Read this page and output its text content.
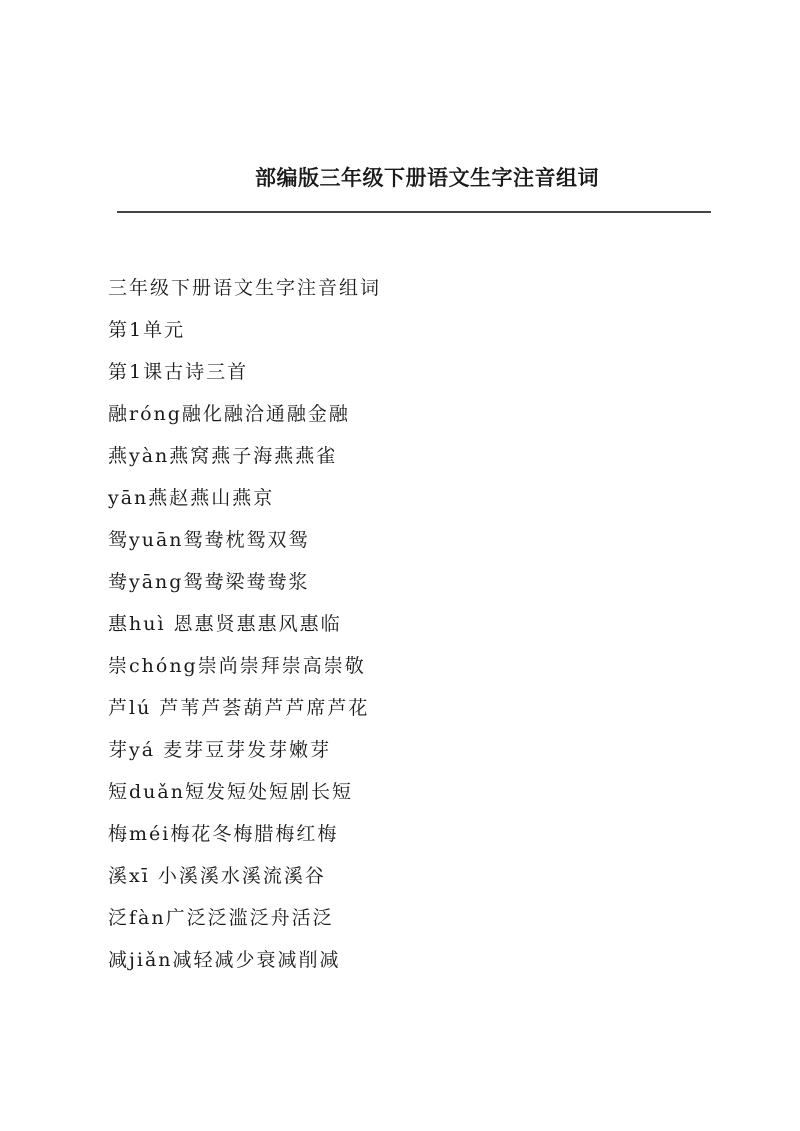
部编版三年级下册语文生字注音组词

三年级下册语文生字注音组词

第1单元

第1课古诗三首

融róng融化融洽通融金融

燕yàn燕窝燕子海燕燕雀

yān燕赵燕山燕京

鸳yuān鸳鸯枕鸳双鸳

鸯yāng鸳鸯梁鸯鸯浆

惠huì 恩惠贤惠惠风惠临

崇chóng崇尚崇拜崇高崇敬

芦lú 芦苇芦荟葫芦芦席芦花

芽yá 麦芽豆芽发芽嫩芽

短duǎn短发短处短剧长短

梅méi梅花冬梅腊梅红梅

溪xī 小溪溪水溪流溪谷

泛fàn广泛泛滥泛舟活泛

减jiǎn减轻减少衰减削减
